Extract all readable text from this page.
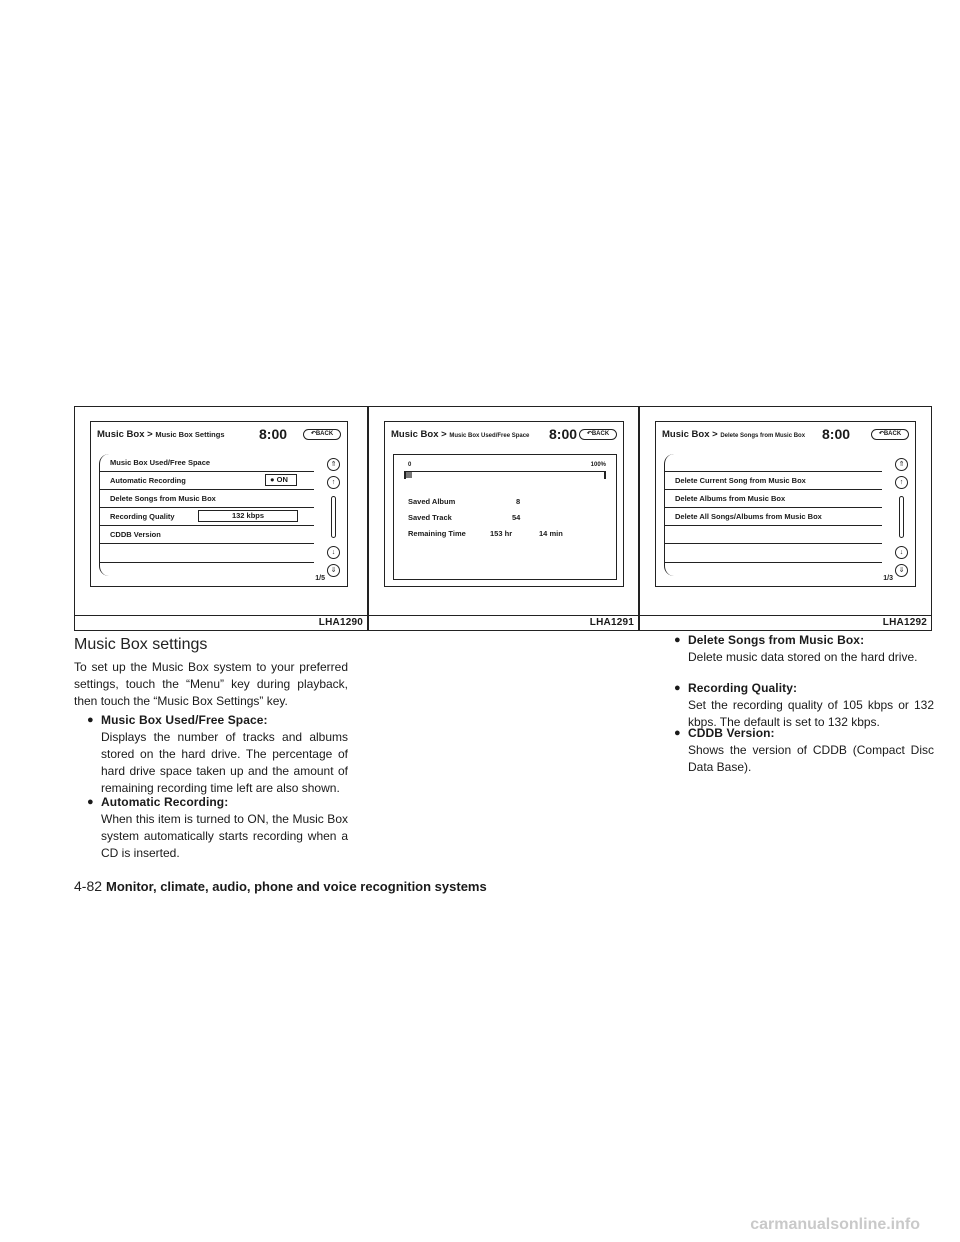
Music Box > Music Box Settings 8:00	↶BACK
Music Box Used/Free Space
Automatic Recording	● ON
Delete Songs from Music Box
Recording Quality	132 kbps
CDDB Version
⇑
↑
↓
⇓
1/5
LHA1290
Music Box > Music Box Used/Free Space 8:00	↶BACK
0	100%
Saved Album	8
Saved Track	54
Remaining Time	153 hr	14 min
LHA1291
Music Box > Delete Songs from Music Box 8:00	↶BACK
Delete Current Song from Music Box
Delete Albums from Music Box
Delete All Songs/Albums from Music Box
⇑
↑
↓
⇓
1/3
LHA1292
Music Box settings

To set up the Music Box system to your preferred settings, touch the “Menu” key during playback, then touch the “Music Box Settings” key.

● Music Box Used/Free Space:
Displays the number of tracks and albums stored on the hard drive. The percentage of hard drive space taken up and the amount of remaining recording time left are also shown.
● Automatic Recording:
When this item is turned to ON, the Music Box system automatically starts recording when a CD is inserted.
● Delete Songs from Music Box:
Delete music data stored on the hard drive.
● Recording Quality:
Set the recording quality of 105 kbps or 132 kbps. The default is set to 132 kbps.
● CDDB Version:
Shows the version of CDDB (Compact Disc Data Base).
4-82 Monitor, climate, audio, phone and voice recognition systems
carmanualsonline.info
